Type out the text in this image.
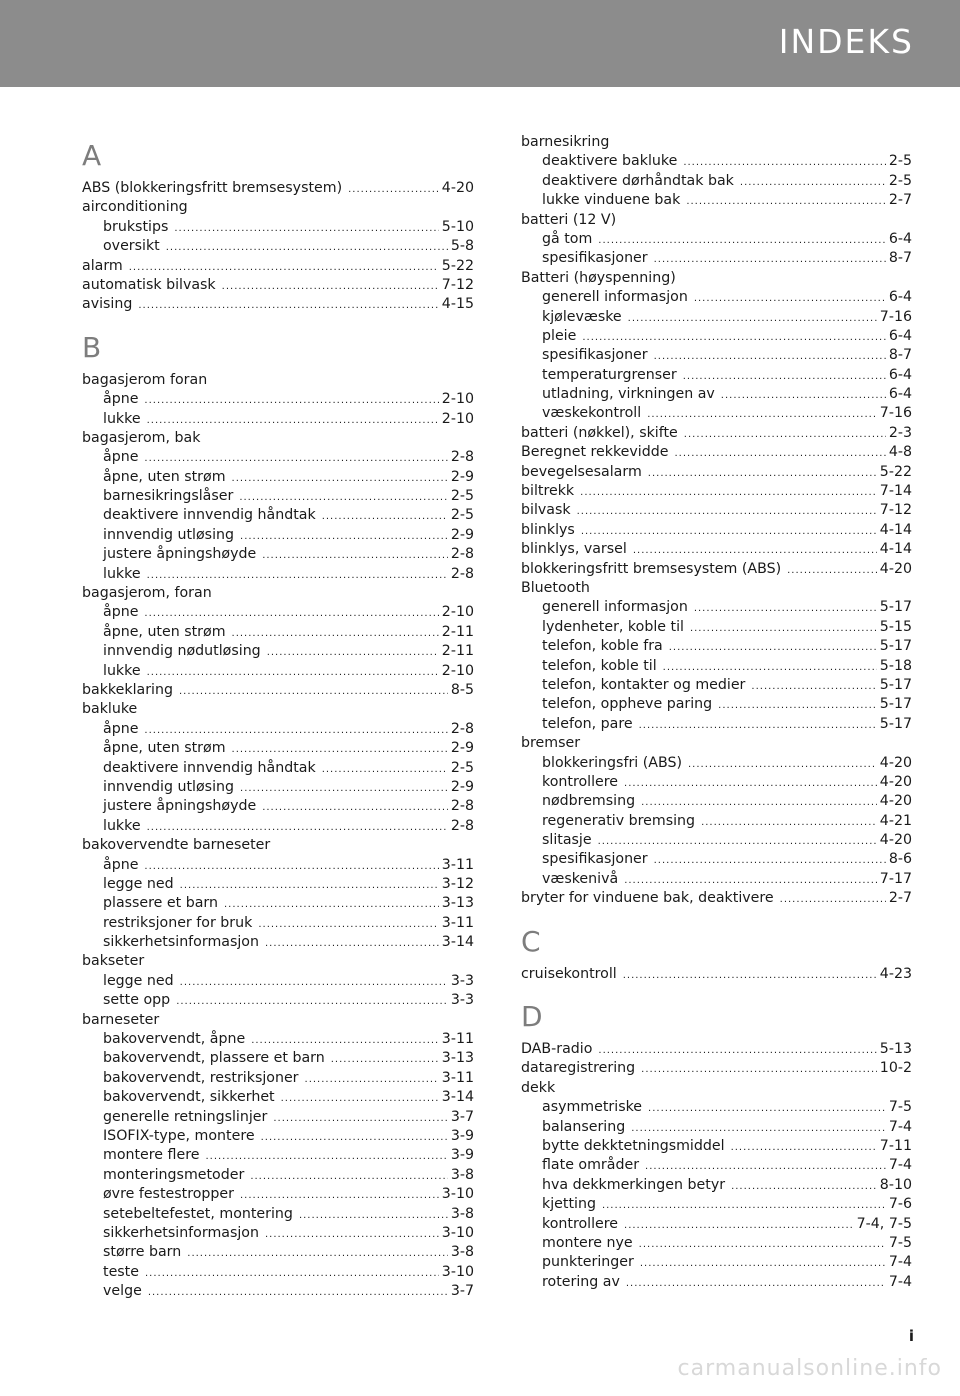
INDEKS
A
ABS (blokkeringsfritt bremsesystem) .....	4-20
airconditioning
brukstips .....	5-10
oversikt .....	5-8
alarm .....	5-22
automatisk bilvask .....	7-12
avising .....	4-15
B
bagasjerom foran
åpne .....	2-10
lukke .....	2-10
bagasjerom, bak
åpne .....	2-8
åpne, uten strøm .....	2-9
barnesikringslåser .....	2-5
deaktivere innvendig håndtak .....	2-5
innvendig utløsing .....	2-9
justere åpningshøyde .....	2-8
lukke .....	2-8
bagasjerom, foran
åpne .....	2-10
åpne, uten strøm .....	2-11
innvendig nødutløsing .....	2-11
lukke .....	2-10
bakkeklaring .....	8-5
bakluke
åpne .....	2-8
åpne, uten strøm .....	2-9
deaktivere innvendig håndtak .....	2-5
innvendig utløsing .....	2-9
justere åpningshøyde .....	2-8
lukke .....	2-8
bakovervendte barneseter
åpne .....	3-11
legge ned .....	3-12
plassere et barn .....	3-13
restriksjoner for bruk .....	3-11
sikkerhetsinformasjon .....	3-14
bakseter
legge ned .....	3-3
sette opp .....	3-3
barneseter
bakovervendt, åpne .....	3-11
bakovervendt, plassere et barn .....	3-13
bakovervendt, restriksjoner .....	3-11
bakovervendt, sikkerhet .....	3-14
generelle retningslinjer .....	3-7
ISOFIX-type, montere .....	3-9
montere flere .....	3-9
monteringsmetoder .....	3-8
øvre festestropper .....	3-10
setebeltefestet, montering .....	3-8
sikkerhetsinformasjon .....	3-10
større barn .....	3-8
teste .....	3-10
velge .....	3-7
barnesikring
deaktivere bakluke .....	2-5
deaktivere dørhåndtak bak .....	2-5
lukke vinduene bak .....	2-7
batteri (12 V)
gå tom .....	6-4
spesifikasjoner .....	8-7
Batteri (høyspenning)
generell informasjon .....	6-4
kjølevæske .....	7-16
pleie .....	6-4
spesifikasjoner .....	8-7
temperaturgrenser .....	6-4
utladning, virkningen av .....	6-4
væskekontroll .....	7-16
batteri (nøkkel), skifte .....	2-3
Beregnet rekkevidde .....	4-8
bevegelsesalarm .....	5-22
biltrekk .....	7-14
bilvask .....	7-12
blinklys .....	4-14
blinklys, varsel .....	4-14
blokkeringsfritt bremsesystem (ABS) .....	4-20
Bluetooth
generell informasjon .....	5-17
lydenheter, koble til .....	5-15
telefon, koble fra .....	5-17
telefon, koble til .....	5-18
telefon, kontakter og medier .....	5-17
telefon, oppheve paring .....	5-17
telefon, pare .....	5-17
bremser
blokkeringsfri (ABS) .....	4-20
kontrollere .....	4-20
nødbremsing .....	4-20
regenerativ bremsing .....	4-21
slitasje .....	4-20
spesifikasjoner .....	8-6
væskenivå .....	7-17
bryter for vinduene bak, deaktivere .....	2-7
C
cruisekontroll .....	4-23
D
DAB-radio .....	5-13
dataregistrering .....	10-2
dekk
asymmetriske .....	7-5
balansering .....	7-4
bytte dekktetningsmiddel .....	7-11
flate områder .....	7-4
hva dekkmerkingen betyr .....	8-10
kjetting .....	7-6
kontrollere .....	7-4, 7-5
montere nye .....	7-5
punkteringer .....	7-4
rotering av .....	7-4
i
carmanualsonline.info
